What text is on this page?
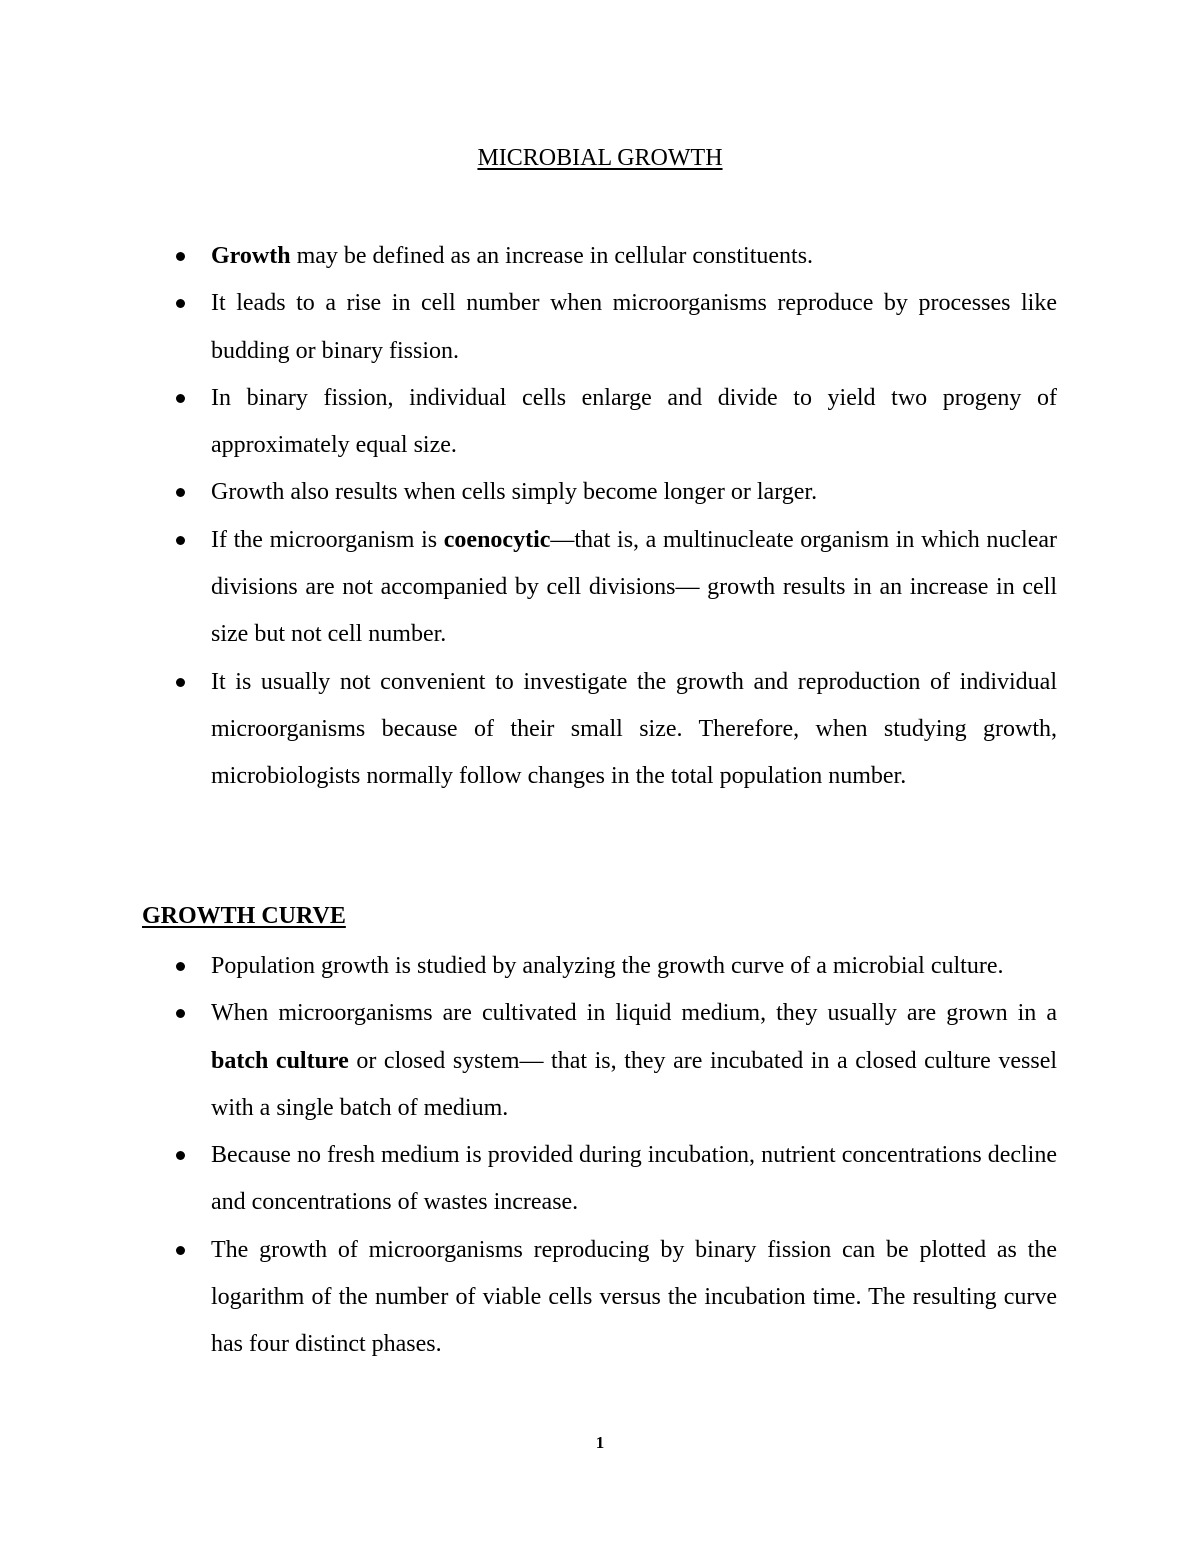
MICROBIAL GROWTH
Growth may be defined as an increase in cellular constituents.
It leads to a rise in cell number when microorganisms reproduce by processes like budding or binary fission.
In binary fission, individual cells enlarge and divide to yield two progeny of approximately equal size.
Growth also results when cells simply become longer or larger.
If the microorganism is coenocytic—that is, a multinucleate organism in which nuclear divisions are not accompanied by cell divisions— growth results in an increase in cell size but not cell number.
It is usually not convenient to investigate the growth and reproduction of individual microorganisms because of their small size. Therefore, when studying growth, microbiologists normally follow changes in the total population number.
GROWTH CURVE
Population growth is studied by analyzing the growth curve of a microbial culture.
When microorganisms are cultivated in liquid medium, they usually are grown in a batch culture or closed system— that is, they are incubated in a closed culture vessel with a single batch of medium.
Because no fresh medium is provided during incubation, nutrient concentrations decline and concentrations of wastes increase.
The growth of microorganisms reproducing by binary fission can be plotted as the logarithm of the number of viable cells versus the incubation time. The resulting curve has four distinct phases.
1
